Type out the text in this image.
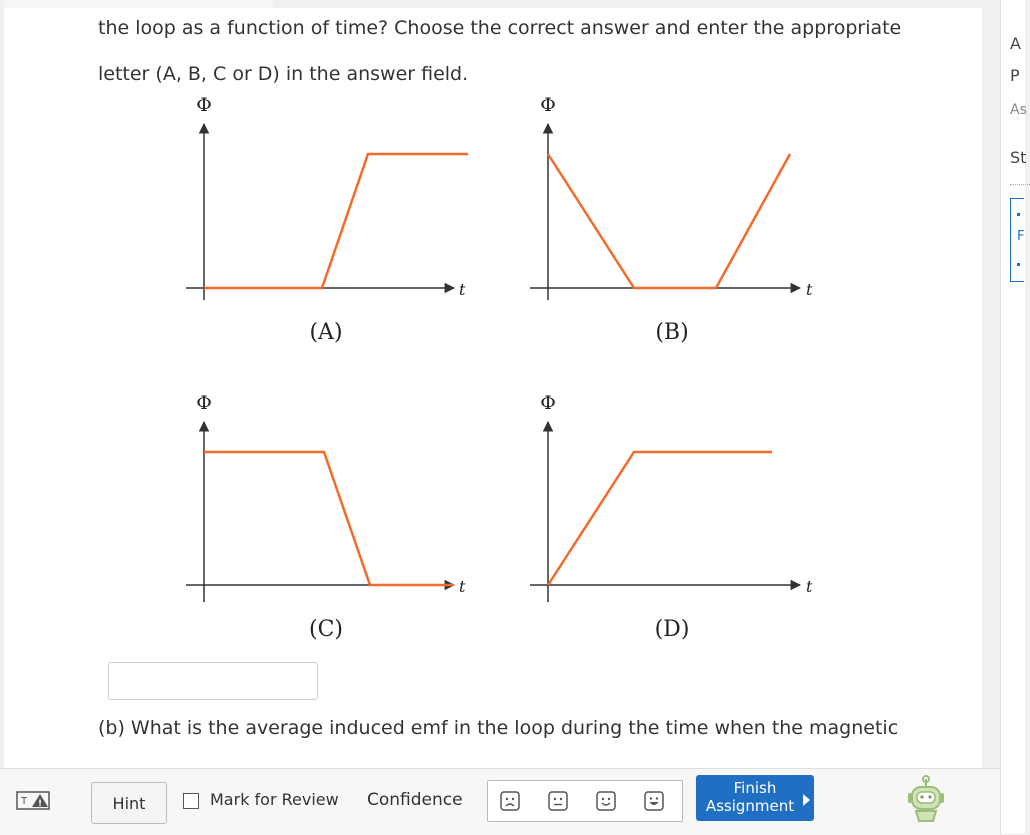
the loop as a function of time? Choose the correct answer and enter the appropriate
letter (A, B, C or D) in the answer field.
Φ
t
(A)
Φ
t
(B)
Φ
t
(C)
Φ
t
(D)
(b) What is the average induced emf in the loop during the time when the magnetic
A
P
As
St
F
T !	Hint	Mark for Review Confidence
Finish
Assignment
